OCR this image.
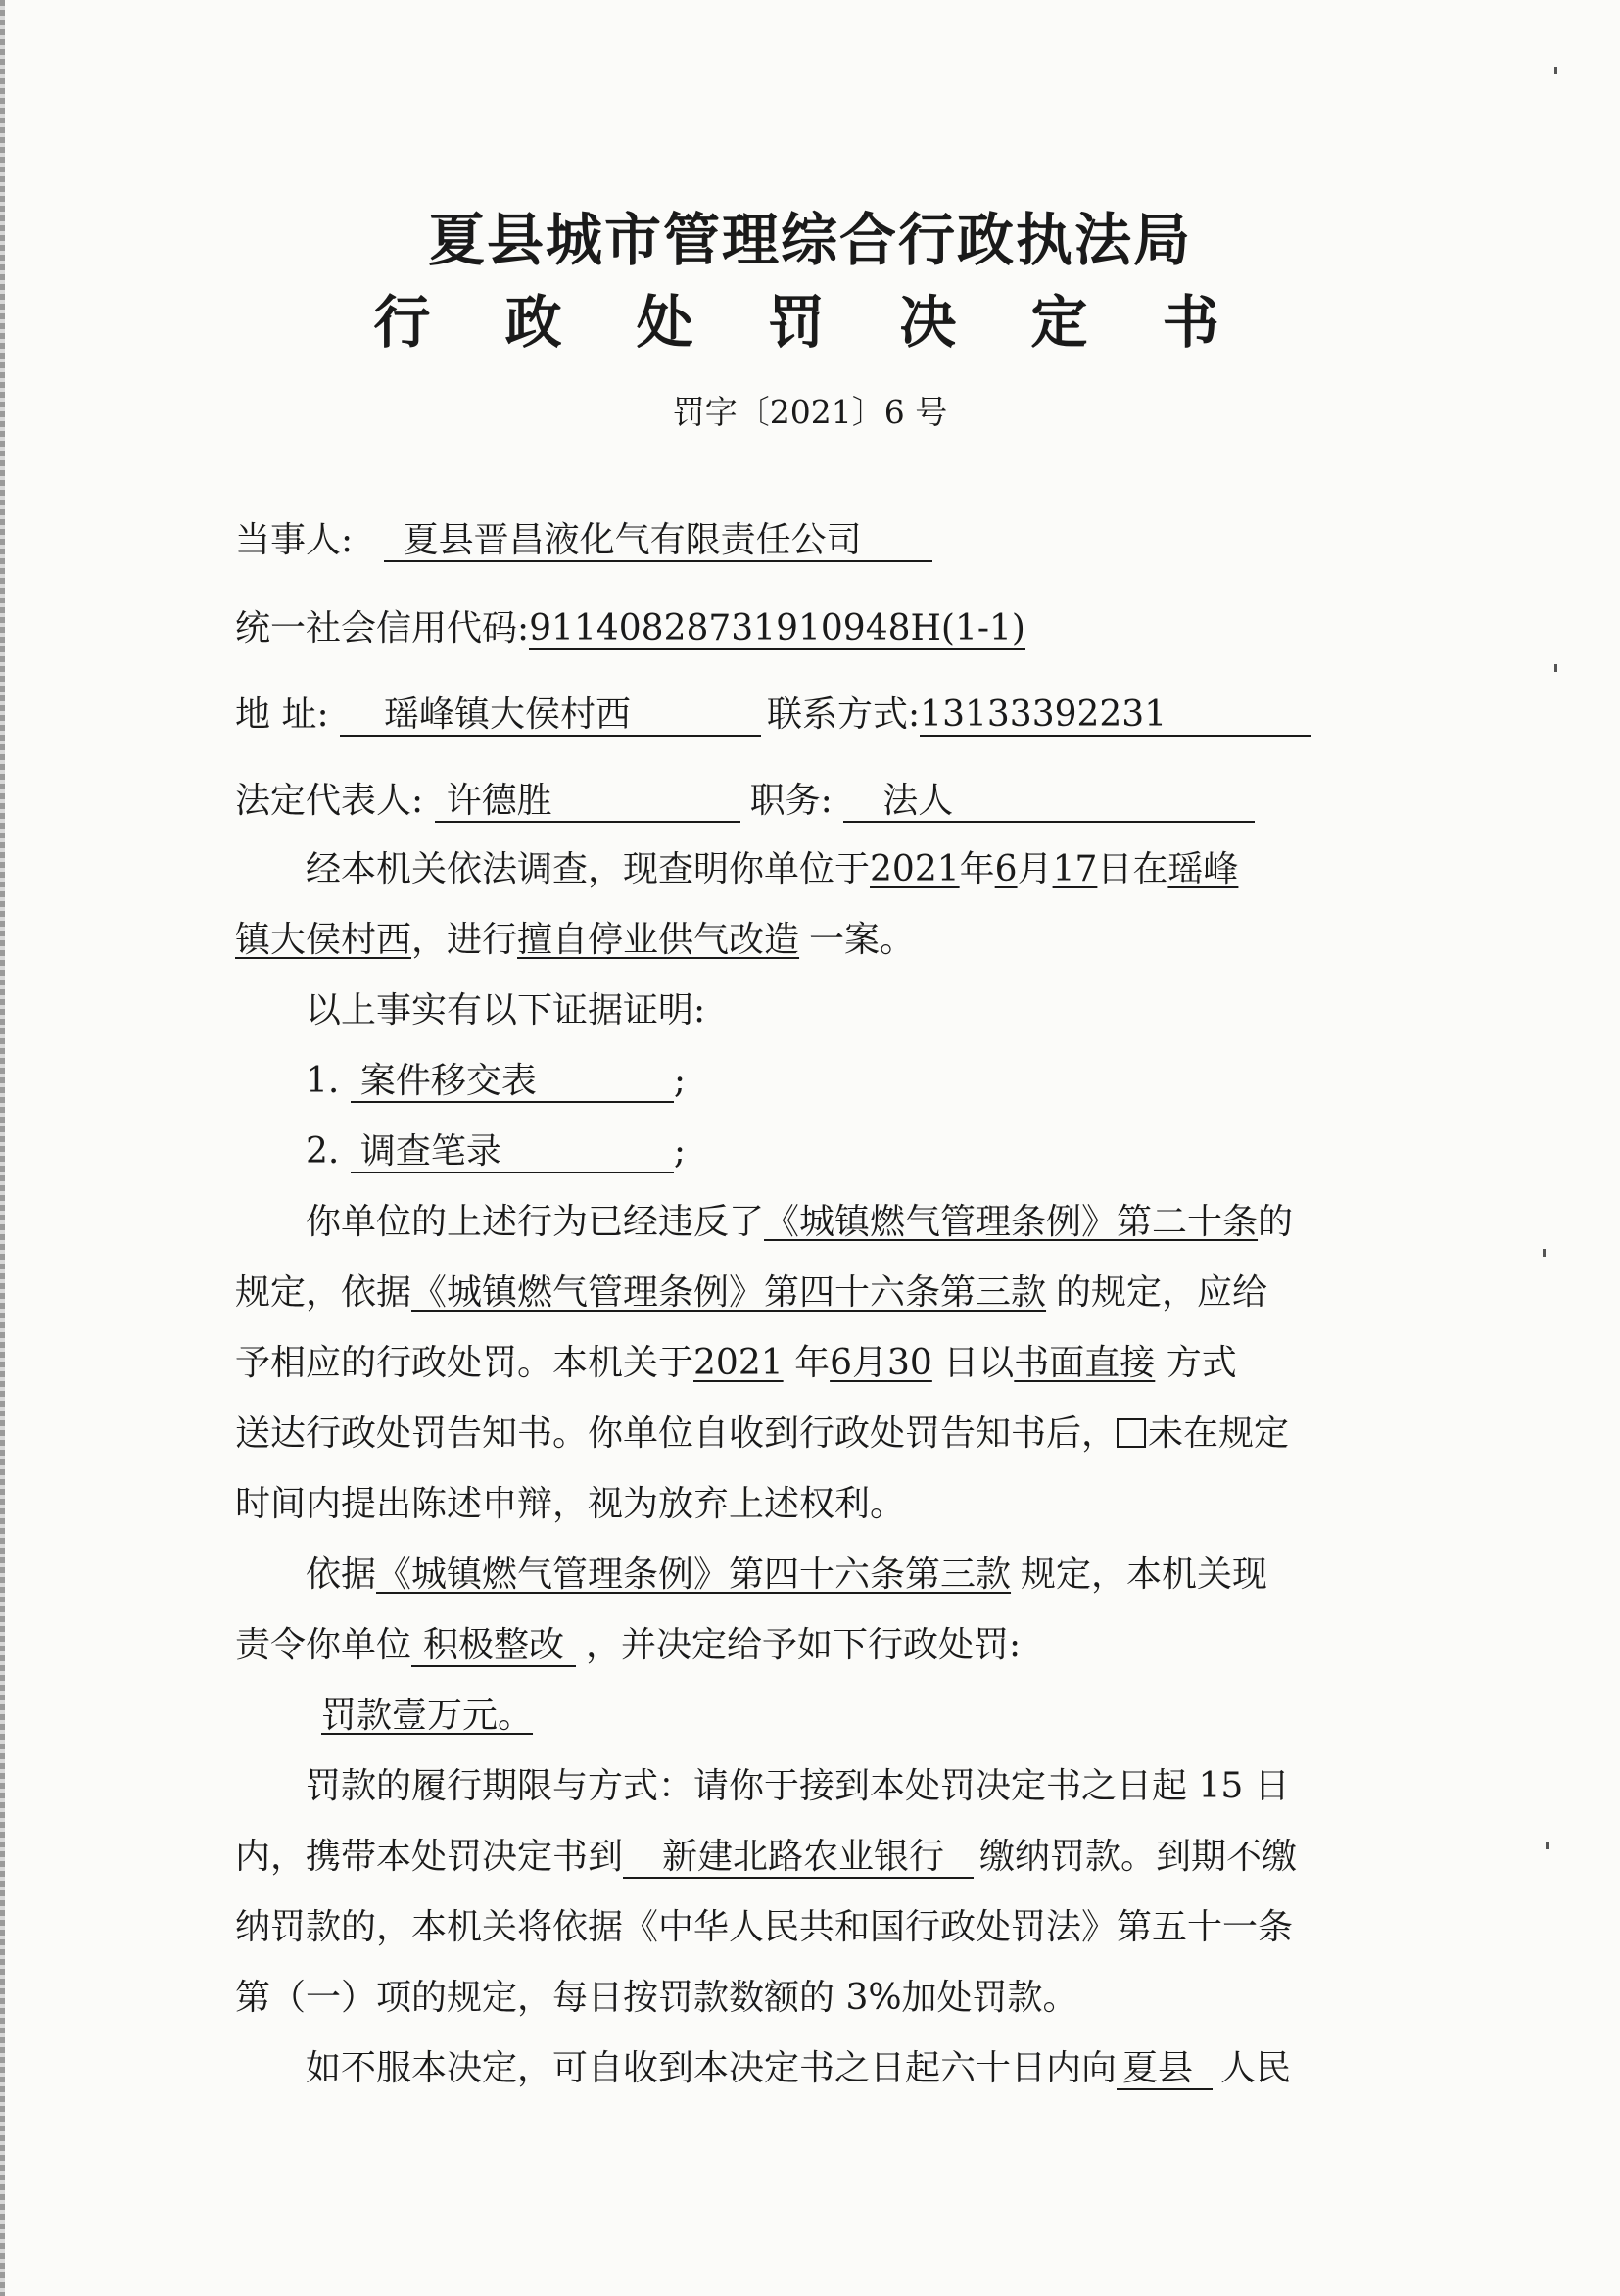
夏县城市管理综合行政执法局
行 政 处 罚 决 定 书
罚字〔2021〕6 号
当事人: 夏县晋昌液化气有限责任公司
统一社会信用代码:91140828731910948H(1-1)
地 址: 瑶峰镇大侯村西	联系方式:13133392231
法定代表人: 许德胜	职务: 法人
经本机关依法调查，现查明你单位于2021年6月17日在瑶峰
镇大侯村西，进行擅自停业供气改造 一案。
以上事实有以下证据证明:
1. 案件移交表	;
2. 调查笔录	;
你单位的上述行为已经违反了《城镇燃气管理条例》第二十条的
规定，依据《城镇燃气管理条例》第四十六条第三款 的规定，应给
予相应的行政处罚。本机关于2021 年6月30 日以书面直接 方式
送达行政处罚告知书。你单位自收到行政处罚告知书后， 未在规定
时间内提出陈述申辩，视为放弃上述权利。
依据《城镇燃气管理条例》第四十六条第三款 规定，本机关现
责令你单位 积极整改 ，并决定给予如下行政处罚:
罚款壹万元。
罚款的履行期限与方式：请你于接到本处罚决定书之日起 15 日
内，携带本处罚决定书到 新建北路农业银行 缴纳罚款。到期不缴
纳罚款的，本机关将依据《中华人民共和国行政处罚法》第五十一条
第（一）项的规定，每日按罚款数额的 3%加处罚款。
如不服本决定，可自收到本决定书之日起六十日内向 夏县 人民
